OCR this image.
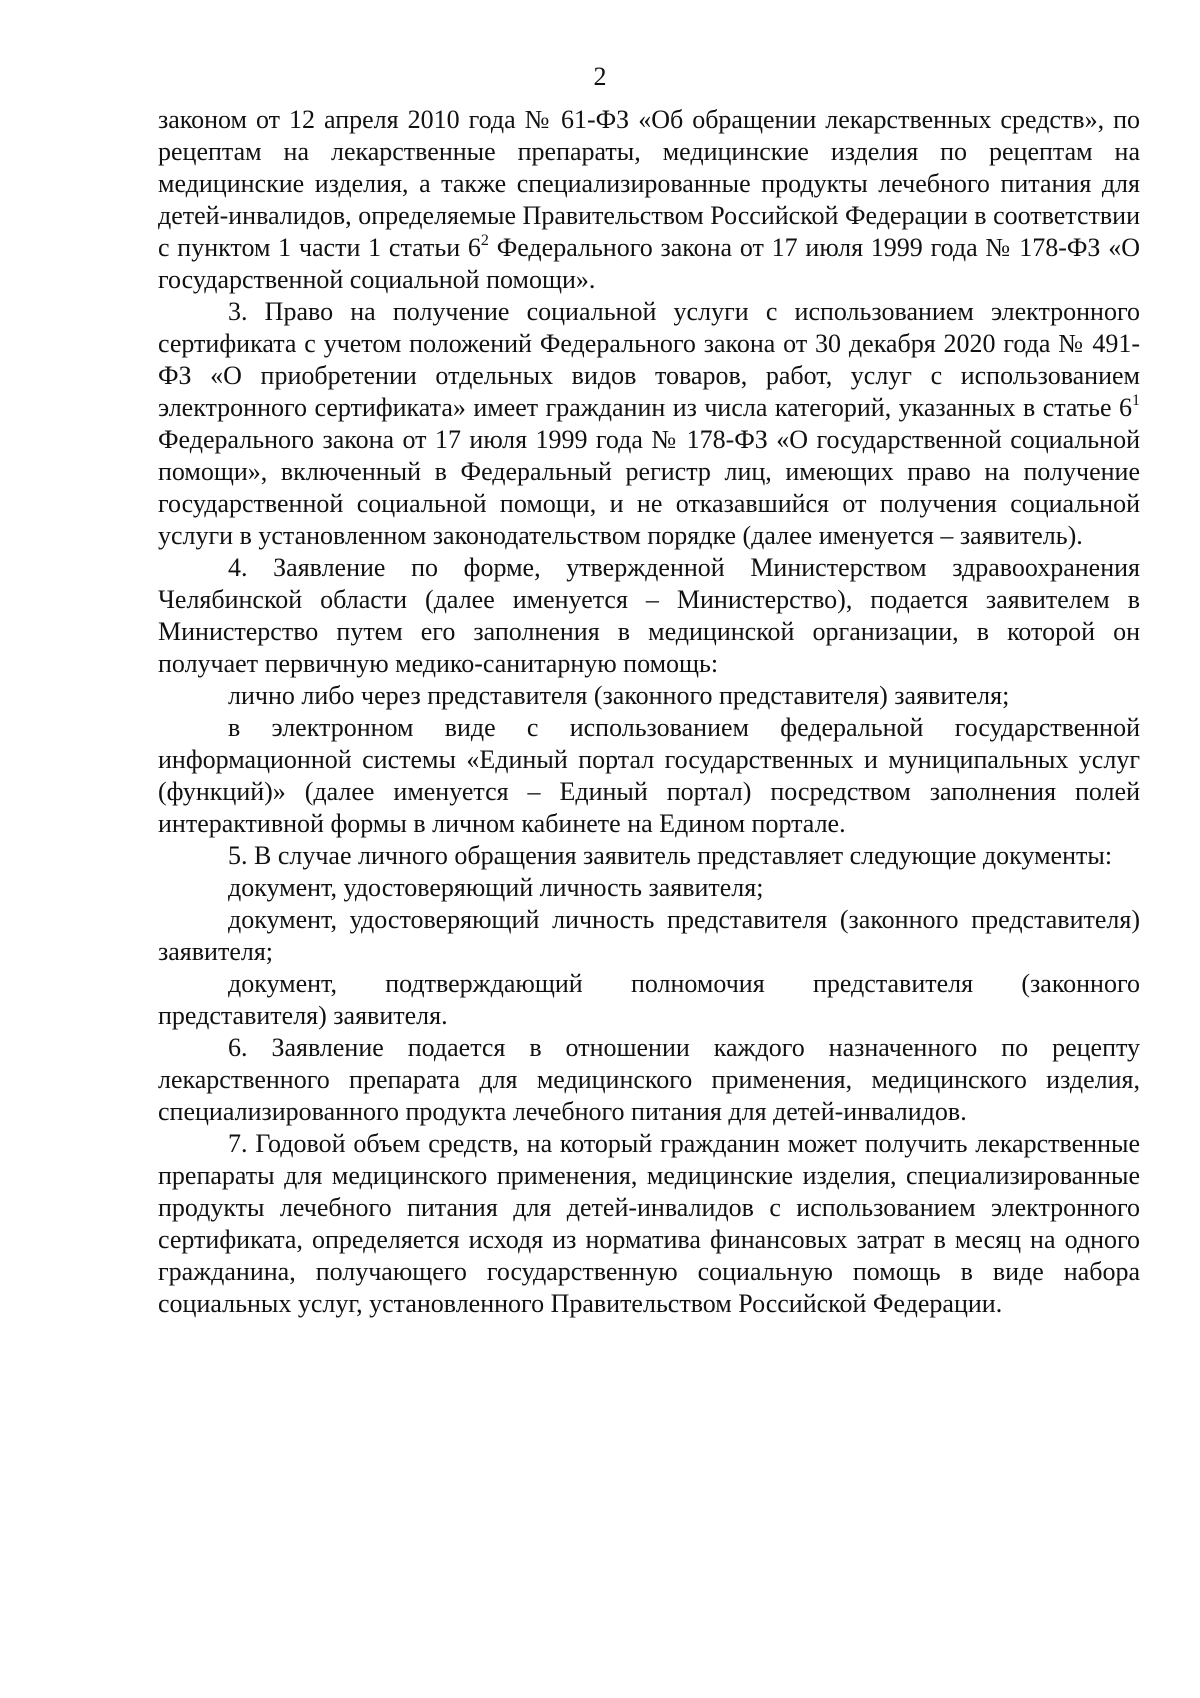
2

законом от 12 апреля 2010 года № 61-ФЗ «Об обращении лекарственных средств», по рецептам на лекарственные препараты, медицинские изделия по рецептам на медицинские изделия, а также специализированные продукты лечебного питания для детей-инвалидов, определяемые Правительством Российской Федерации в соответствии с пунктом 1 части 1 статьи $6^2$ Федерального закона от 17 июля 1999 года № 178-ФЗ «О государственной социальной помощи».

3. Право на получение социальной услуги с использованием электронного сертификата с учетом положений Федерального закона от 30 декабря 2020 года № 491-ФЗ «О приобретении отдельных видов товаров, работ, услуг с использованием электронного сертификата» имеет гражданин из числа категорий, указанных в статье $6^1$ Федерального закона от 17 июля 1999 года № 178-ФЗ «О государственной социальной помощи», включенный в Федеральный регистр лиц, имеющих право на получение государственной социальной помощи, и не отказавшийся от получения социальной услуги в установленном законодательством порядке (далее именуется – заявитель).

4. Заявление по форме, утвержденной Министерством здравоохранения Челябинской области (далее именуется – Министерство), подается заявителем в Министерство путем его заполнения в медицинской организации, в которой он получает первичную медико-санитарную помощь:

лично либо через представителя (законного представителя) заявителя;

в электронном виде с использованием федеральной государственной информационной системы «Единый портал государственных и муниципальных услуг (функций)» (далее именуется – Единый портал) посредством заполнения полей интерактивной формы в личном кабинете на Едином портале.

5. В случае личного обращения заявитель представляет следующие документы:

документ, удостоверяющий личность заявителя;

документ, удостоверяющий личность представителя (законного представителя) заявителя;

документ, подтверждающий полномочия представителя (законного представителя) заявителя.

6. Заявление подается в отношении каждого назначенного по рецепту лекарственного препарата для медицинского применения, медицинского изделия, специализированного продукта лечебного питания для детей-инвалидов.

7. Годовой объем средств, на который гражданин может получить лекарственные препараты для медицинского применения, медицинские изделия, специализированные продукты лечебного питания для детей-инвалидов с использованием электронного сертификата, определяется исходя из норматива финансовых затрат в месяц на одного гражданина, получающего государственную социальную помощь в виде набора социальных услуг, установленного Правительством Российской Федерации.
